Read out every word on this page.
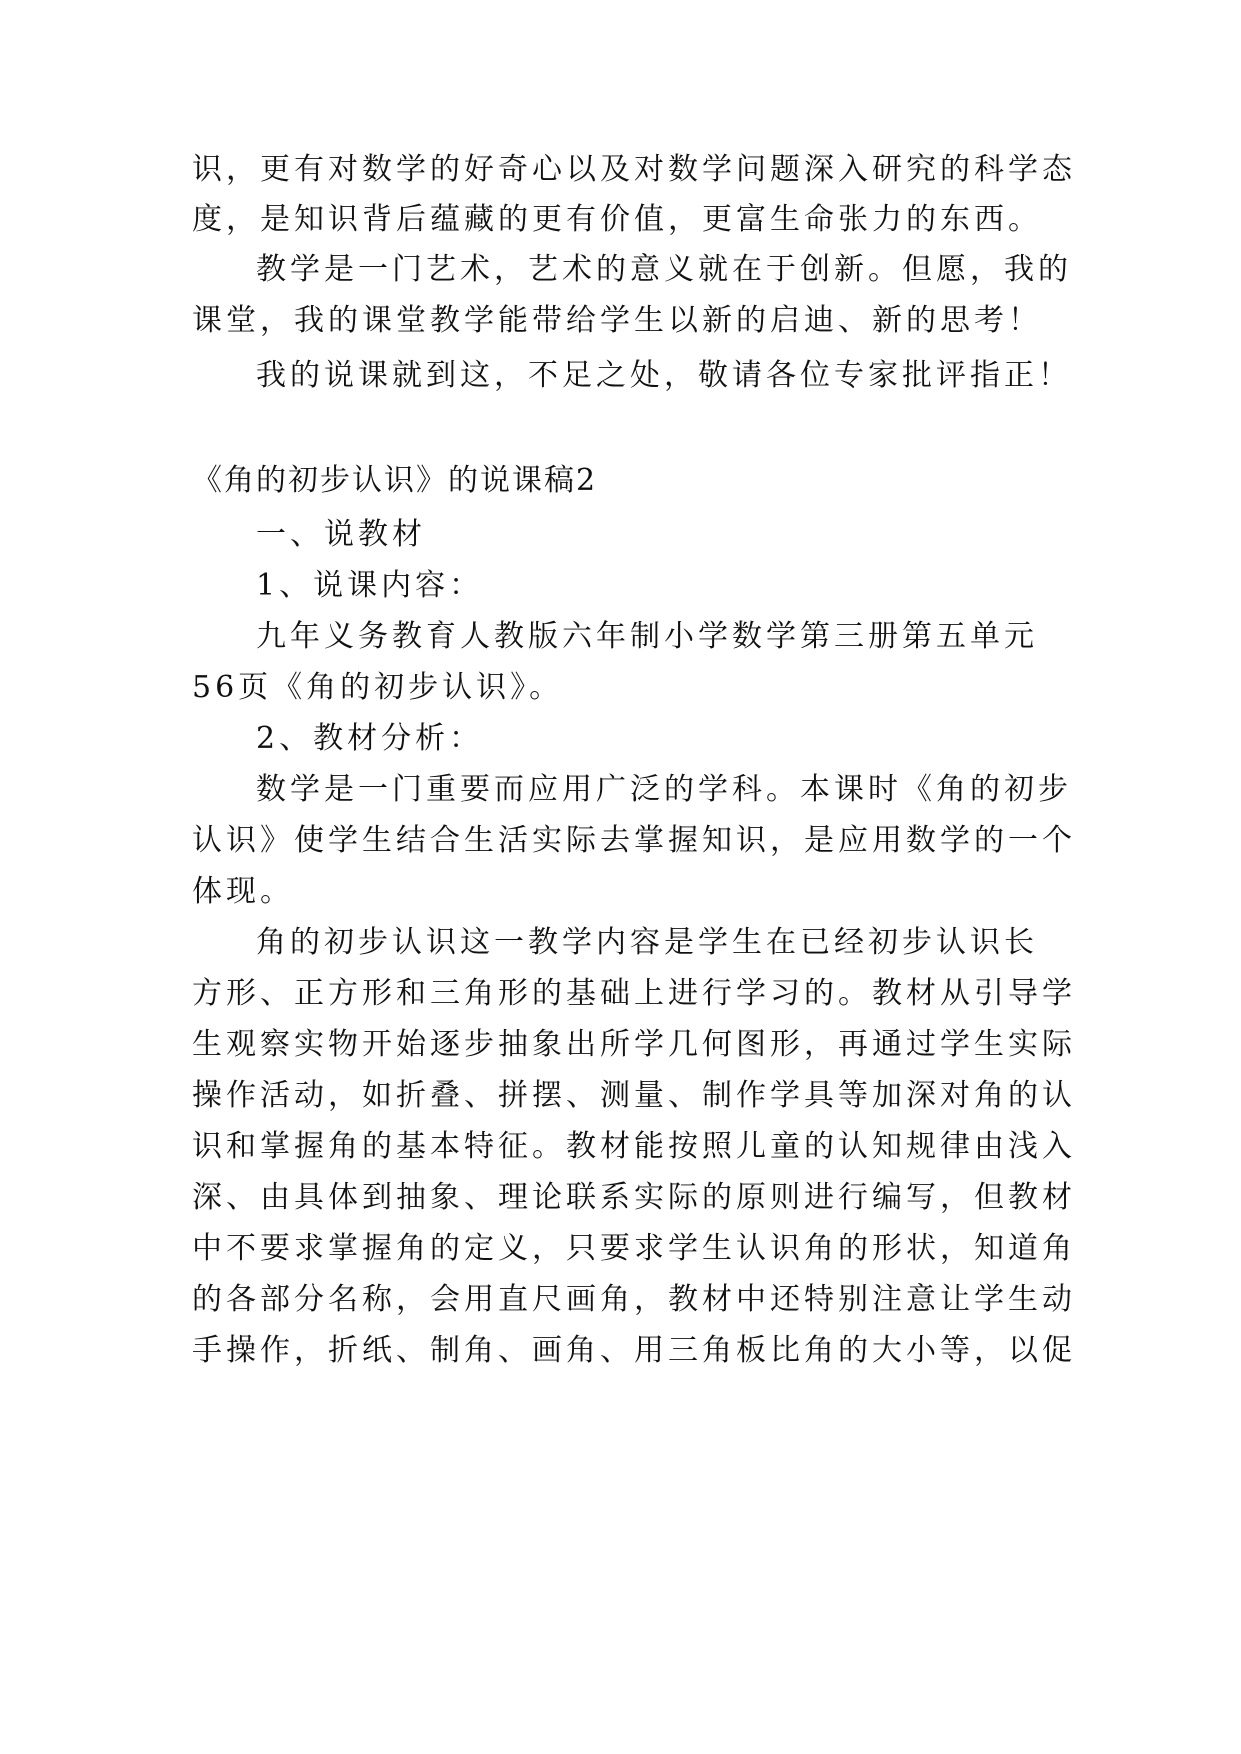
识，更有对数学的好奇心以及对数学问题深入研究的科学态
度，是知识背后蕴藏的更有价值，更富生命张力的东西。
教学是一门艺术，艺术的意义就在于创新。但愿，我的
课堂，我的课堂教学能带给学生以新的启迪、新的思考！
我的说课就到这，不足之处，敬请各位专家批评指正！
《角的初步认识》的说课稿2
一、说教材
1、说课内容：
九年义务教育人教版六年制小学数学第三册第五单元
56页《角的初步认识》。
2、教材分析：
数学是一门重要而应用广泛的学科。本课时《角的初步
认识》使学生结合生活实际去掌握知识，是应用数学的一个
体现。
角的初步认识这一教学内容是学生在已经初步认识长
方形、正方形和三角形的基础上进行学习的。教材从引导学
生观察实物开始逐步抽象出所学几何图形，再通过学生实际
操作活动，如折叠、拼摆、测量、制作学具等加深对角的认
识和掌握角的基本特征。教材能按照儿童的认知规律由浅入
深、由具体到抽象、理论联系实际的原则进行编写，但教材
中不要求掌握角的定义，只要求学生认识角的形状，知道角
的各部分名称，会用直尺画角，教材中还特别注意让学生动
手操作，折纸、制角、画角、用三角板比角的大小等，以促
